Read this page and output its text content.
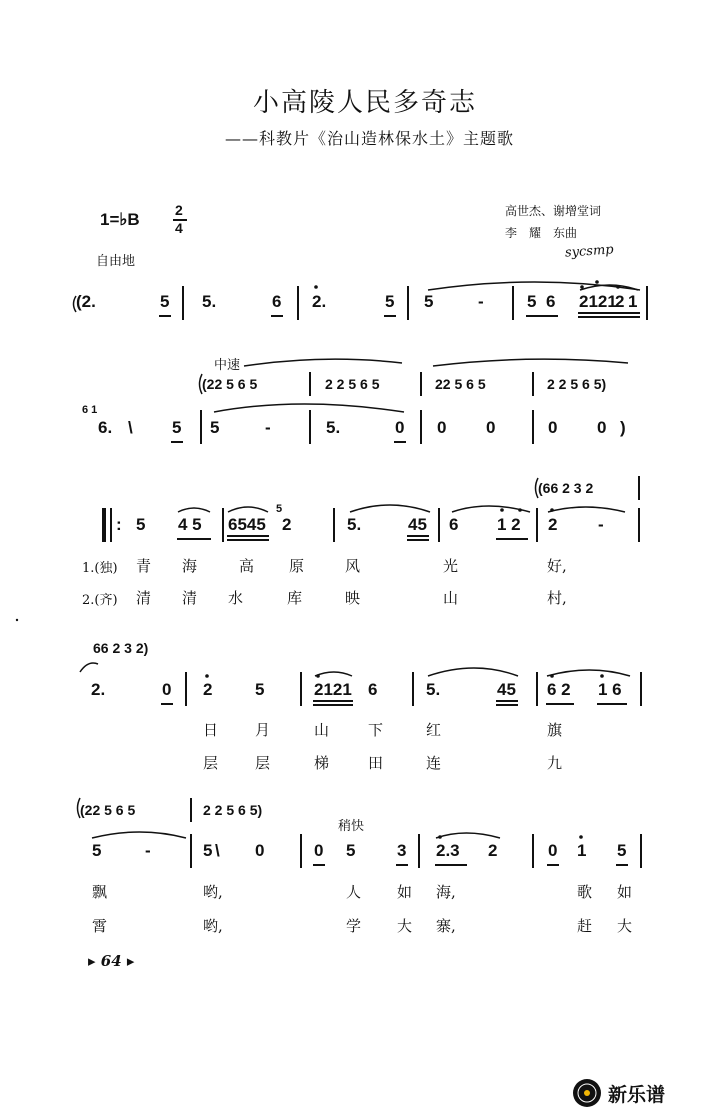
小高陵人民多奇志
——科教片《治山造林保水土》主题歌
高世杰、谢增堂词
李　耀　东曲
sycsmp
1=♭B	2
4
自由地
(2.	5 5.	6 2.	5 5	-	5 6 2121
2 1
中速
(22 5 6 5	2 2 5 6 5	22 5 6 5	2 2 5 6 5)
6 1
6. \ 5 5	-	5.	0 0 0	0 0 )
(66 2 3 2
: 5 4 5 6545
5
2	5.	45 6 1 2 2 -
1.(独) 青 海	高 原	风	光	好,
2.(齐) 清 清 水	库	映	山	村,
66 2 3 2)
2.	0 2	5	2121 6	5.	45 6 2 1 6
日 月	山	下	红	旗
层 层	梯	田	连	九
(22 5 6 5	2 2 5 6 5)
稍快
5	-	5 \ 0	0 5 3 2.3 2	0 1 5
飘	哟,	人 如 海,	歌 如
霄	哟,	学 大 寨,	赶 大
▸ 64 ▸
新乐谱
